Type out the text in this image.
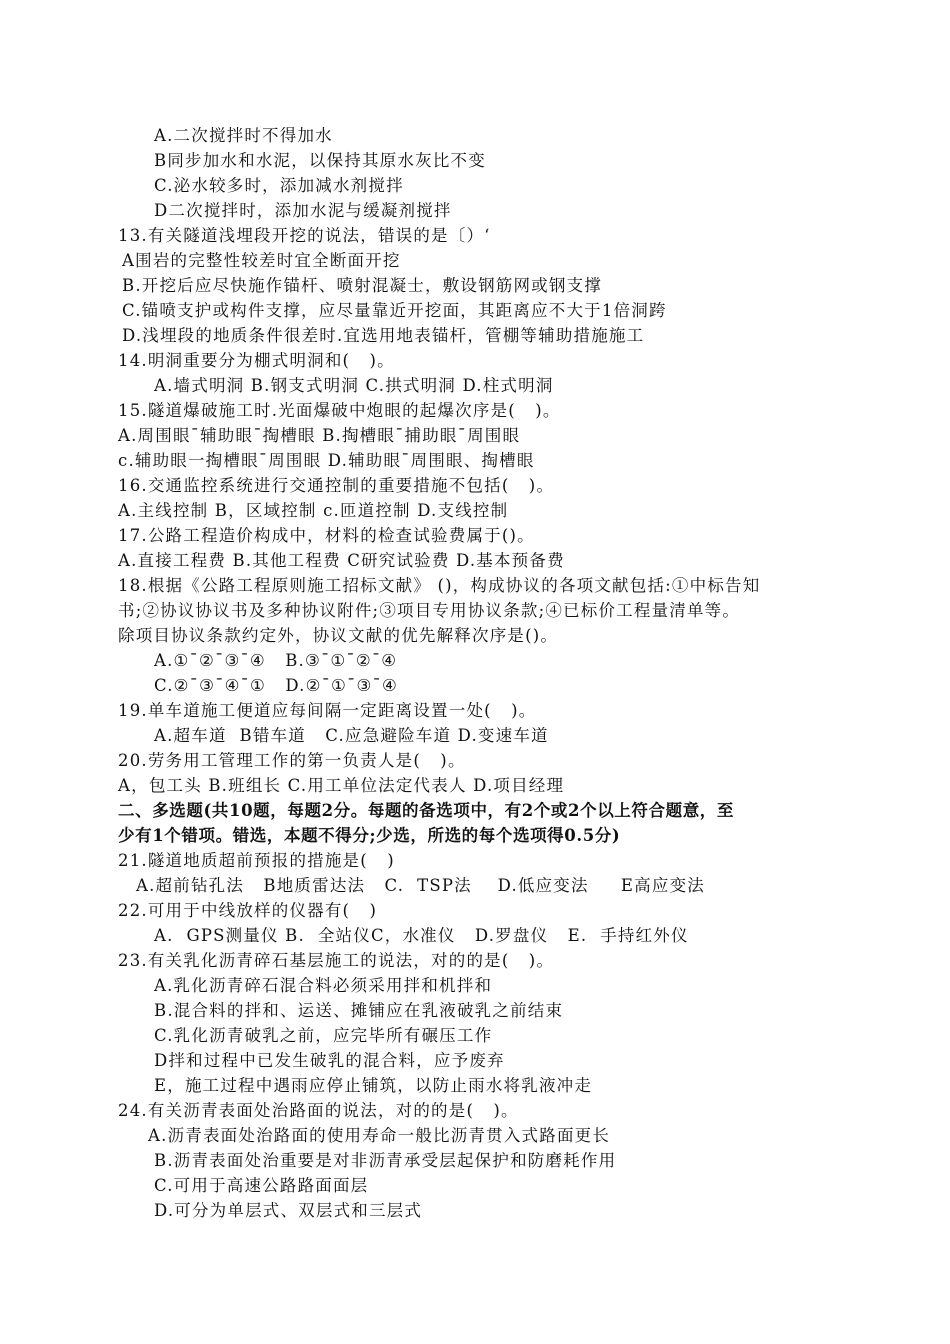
A.二次搅拌时不得加水
B同步加水和水泥，以保持其原水灰比不变
C.泌水较多时，添加减水剂搅拌
D二次搅拌时，添加水泥与缓凝剂搅拌
13.有关隧道浅埋段开挖的说法，错误的是〔）‘
A围岩的完整性较差时宜全断面开挖
B.开挖后应尽快施作锚杆、喷射混凝士，敷设钢筋网或钢支撑
C.锚喷支护或构件支撑，应尽量靠近开挖面，其距离应不大于1倍洞跨
D.浅埋段的地质条件很差时.宜选用地表锚杆，管棚等辅助措施施工
14.明洞重要分为棚式明洞和(   )。
A.墙式明洞 B.钢支式明洞 C.拱式明洞 D.柱式明洞
15.隧道爆破施工时.光面爆破中炮眼的起爆次序是(   )。
A.周围眼¯辅助眼¯掏槽眼 B.掏槽眼¯捕助眼¯周围眼
c.辅助眼一掏槽眼¯周围眼 D.辅助眼¯周围眼、掏槽眼
16.交通监控系统进行交通控制的重要措施不包括(   )。
A.主线控制 B，区域控制 c.匝道控制 D.支线控制
17.公路工程造价构成中，材料的检查试验费属于()。
A.直接工程费 B.其他工程费 C研究试验费 D.基本预备费
18.根据《公路工程原则施工招标文献》 ()，构成协议的各项文献包括:①中标告知
书;②协议协议书及多种协议附件;③项目专用协议条款;④已标价工程量清单等。
除项目协议条款约定外，协议文献的优先解释次序是()。
A.①¯②¯③¯④   B.③¯①¯②¯④
C.②¯③¯④¯①   D.②¯①¯③¯④
19.单车道施工便道应每间隔一定距离设置一处(   )。
A.超车道  B错车道   C.应急避险车道 D.变速车道
20.劳务用工管理工作的第一负责人是(   )。
A，包工头 B.班组长 C.用工单位法定代表人 D.项目经理
二、多选题(共10题，每题2分。每题的备选项中，有2个或2个以上符合题意，至
少有1个错项。错选，本题不得分;少选，所选的每个选项得0.5分)
21.隧道地质超前预报的措施是(   )
A.超前钻孔法   B地质雷达法   C.  TSP法    D.低应变法     E高应变法
22.可用于中线放样的仪器有(   )
A.  GPS测量仪 B.  全站仪C，水准仪   D.罗盘仪   E.  手持红外仪
23.有关乳化沥青碎石基层施工的说法，对的的是(   )。
A.乳化沥青碎石混合料必须采用拌和机拌和
B.混合料的拌和、运送、摊铺应在乳液破乳之前结束
C.乳化沥青破乳之前，应完毕所有碾压工作
D拌和过程中已发生破乳的混合料，应予废弃
E，施工过程中遇雨应停止铺筑，以防止雨水将乳液冲走
24.有关沥青表面处治路面的说法，对的的是(   )。
A.沥青表面处治路面的使用寿命一般比沥青贯入式路面更长
B.沥青表面处治重要是对非沥青承受层起保护和防磨耗作用
C.可用于高速公路路面面层
D.可分为单层式、双层式和三层式
